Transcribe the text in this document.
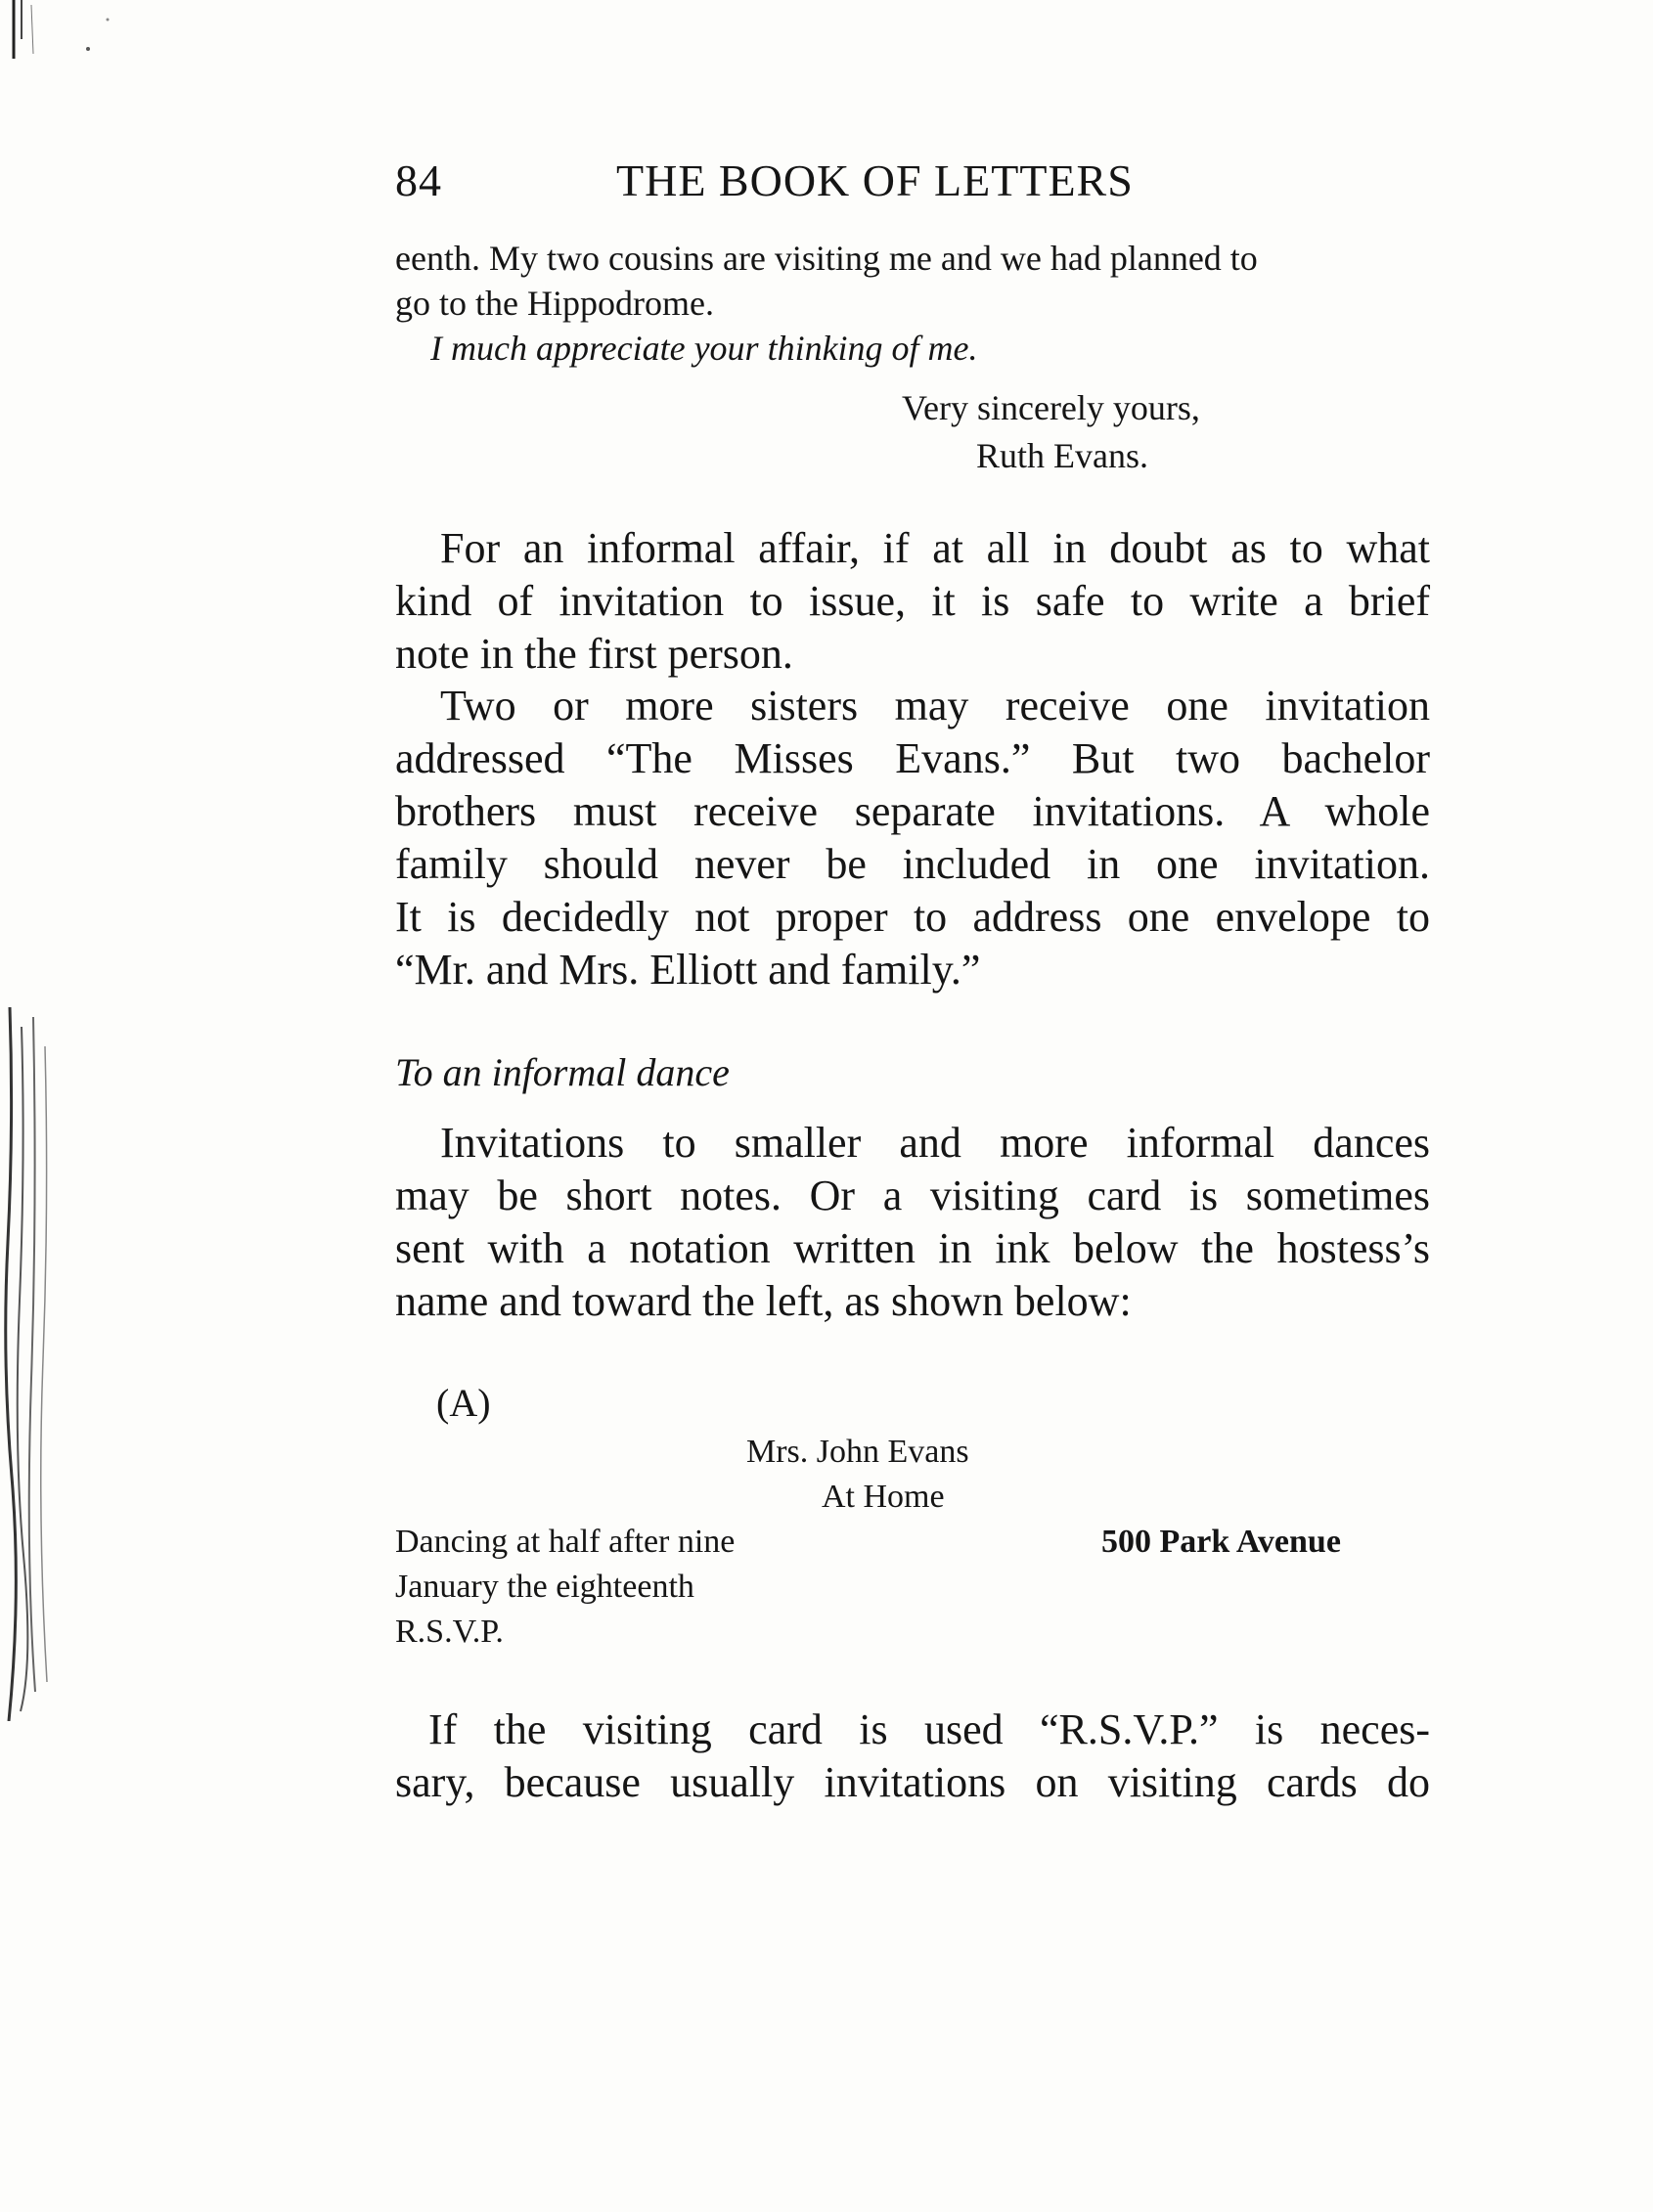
84	THE BOOK OF LETTERS
eenth. My two cousins are visiting me and we had planned to
go to the Hippodrome.
I much appreciate your thinking of me.
Very sincerely yours,
Ruth Evans.
For an informal affair, if at all in doubt as to what
kind of invitation to issue, it is safe to write a brief
note in the first person.
Two or more sisters may receive one invitation
addressed “The Misses Evans.” But two bachelor
brothers must receive separate invitations. A whole
family should never be included in one invitation.
It is decidedly not proper to address one envelope to
“Mr. and Mrs. Elliott and family.”
To an informal dance
Invitations to smaller and more informal dances
may be short notes. Or a visiting card is sometimes
sent with a notation written in ink below the hostess’s
name and toward the left, as shown below:
(A)
Mrs. John Evans
At Home
Dancing at half after nine	500 Park Avenue
January the eighteenth
R.S.V.P.
If the visiting card is used “R.S.V.P.” is neces-
sary, because usually invitations on visiting cards do
